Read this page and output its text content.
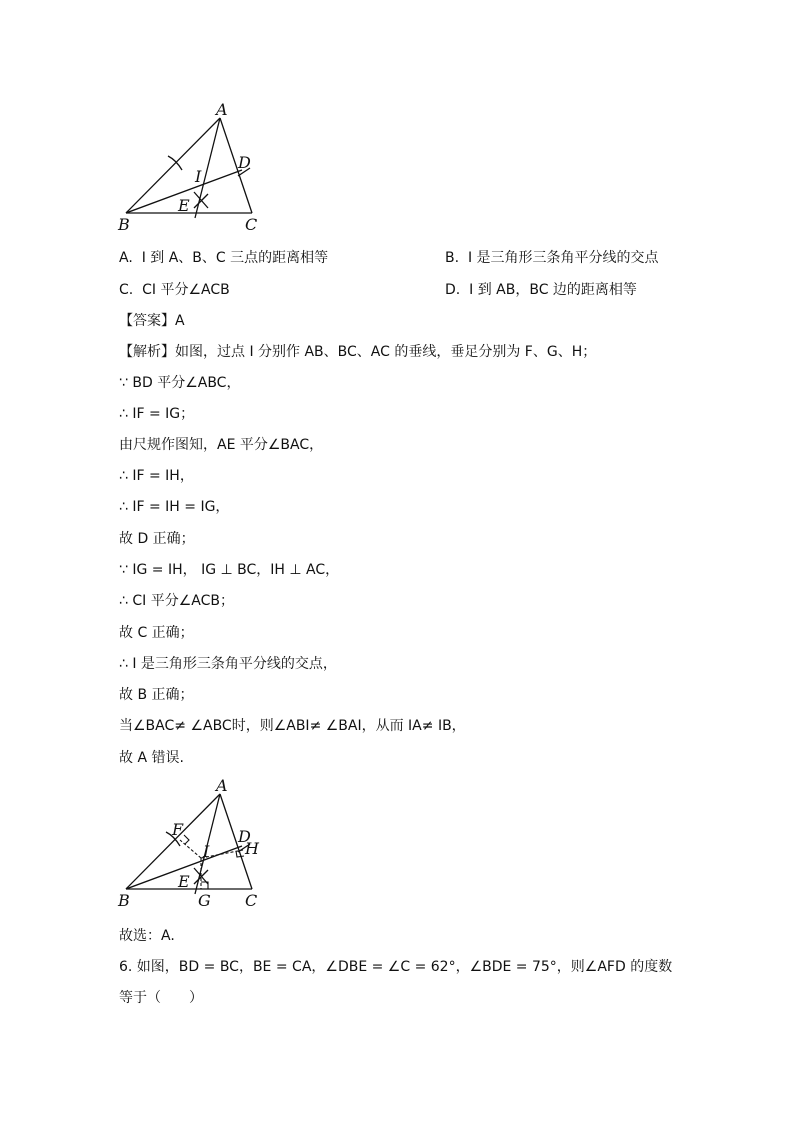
A
B	C
D
I
E
A. I 到 A、B、C 三点的距离相等	B. I 是三角形三条角平分线的交点
C. CI 平分∠ACB	D. I 到 AB，BC 边的距离相等
【答案】A
【解析】如图，过点 I 分别作 AB、BC、AC 的垂线，垂足分别为 F、G、H；
∵ BD 平分∠ABC，
∴ IF = IG；
由尺规作图知，AE 平分∠BAC，
∴ IF = IH，
∴ IF = IH = IG，
故 D 正确；
∵ IG = IH， IG ⊥ BC，IH ⊥ AC，
∴ CI 平分∠ACB；
故 C 正确；
∴ I 是三角形三条角平分线的交点，
故 B 正确；
当∠BAC≠ ∠ABC时，则∠ABI≠ ∠BAI，从而 IA≠ IB，
故 A 错误.
A
B	C
D
H
F
I
E
G
故选：A.
6. 如图，BD = BC，BE = CA，∠DBE = ∠C = 62°，∠BDE = 75°，则∠AFD 的度数
等于（　　）
